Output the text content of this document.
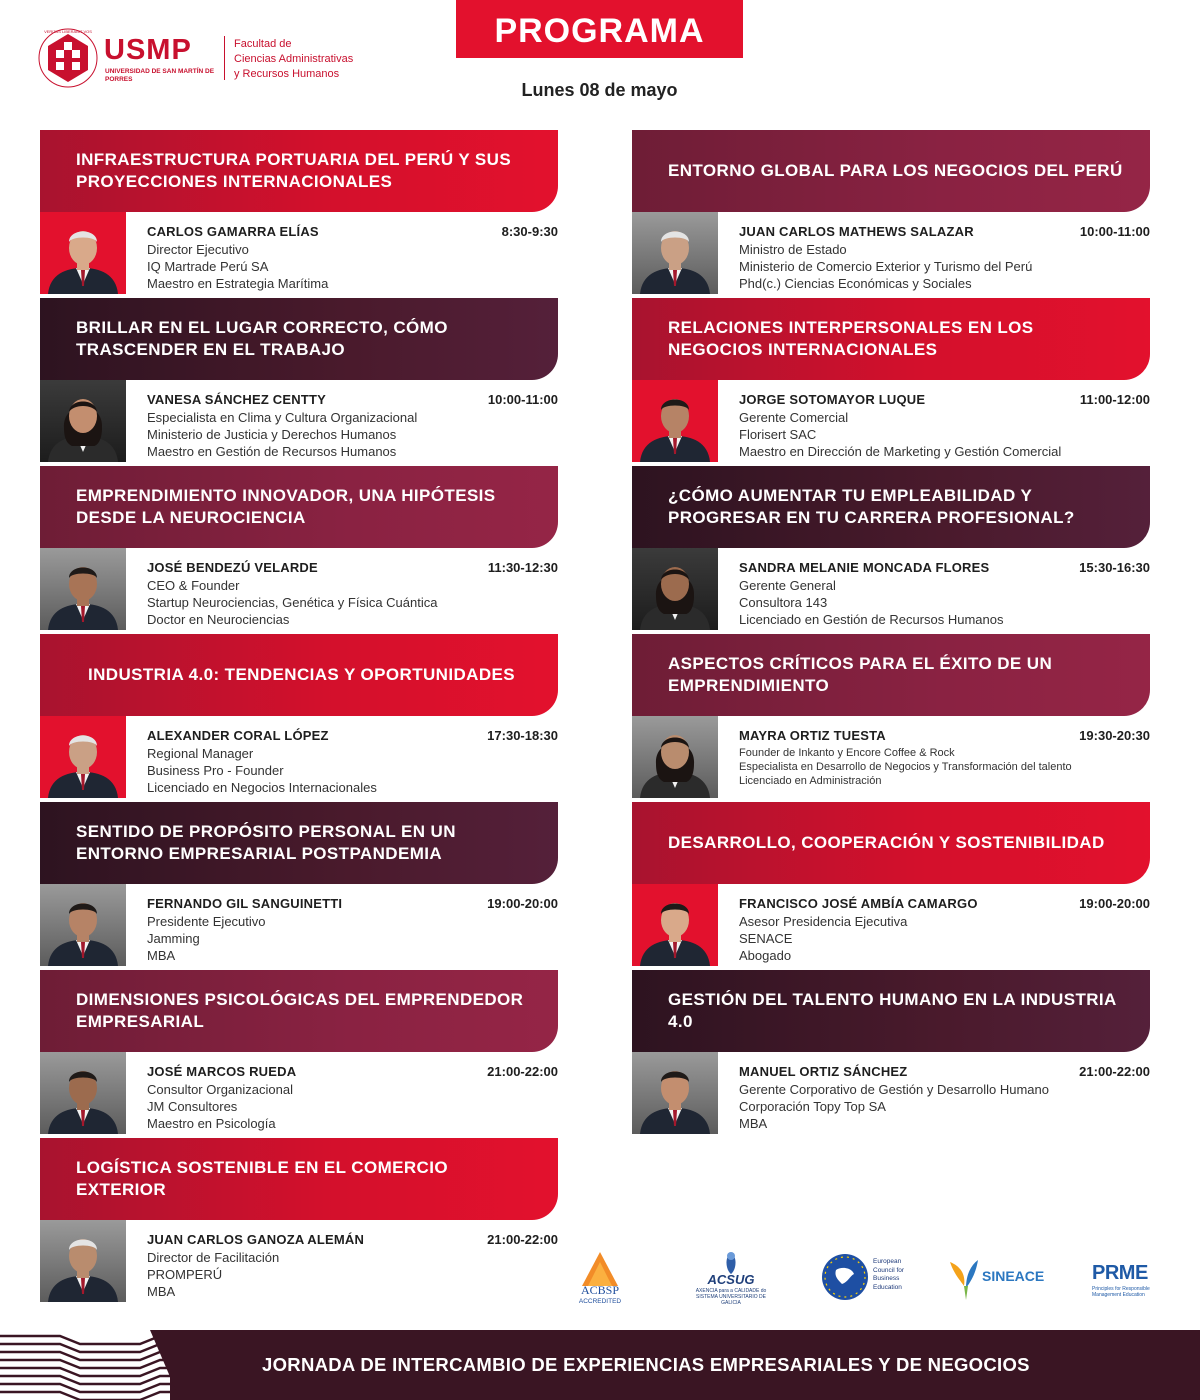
VERITAS LIBERABIT VOS
USMP
UNIVERSIDAD DE SAN MARTÍN DE PORRES
Facultad de
Ciencias Administrativas
y Recursos Humanos
PROGRAMA
Lunes 08 de mayo
INFRAESTRUCTURA PORTUARIA DEL PERÚ Y SUS PROYECCIONES INTERNACIONALES
CARLOS GAMARRA ELÍAS	8:30-9:30
Director Ejecutivo
IQ Martrade Perú SA
Maestro en Estrategia Marítima
BRILLAR EN EL LUGAR CORRECTO, CÓMO TRASCENDER EN EL TRABAJO
VANESA SÁNCHEZ CENTTY	10:00-11:00
Especialista en Clima y Cultura Organizacional
Ministerio de Justicia y Derechos Humanos
Maestro en Gestión de Recursos Humanos
EMPRENDIMIENTO INNOVADOR, UNA HIPÓTESIS DESDE LA NEUROCIENCIA
JOSÉ BENDEZÚ VELARDE	11:30-12:30
CEO & Founder
Startup Neurociencias, Genética y Física Cuántica
Doctor en Neurociencias
INDUSTRIA 4.0: TENDENCIAS Y OPORTUNIDADES
ALEXANDER CORAL LÓPEZ	17:30-18:30
Regional Manager
Business Pro - Founder
Licenciado en Negocios Internacionales
SENTIDO DE PROPÓSITO PERSONAL EN UN ENTORNO EMPRESARIAL POSTPANDEMIA
FERNANDO GIL SANGUINETTI	19:00-20:00
Presidente Ejecutivo
Jamming
MBA
DIMENSIONES PSICOLÓGICAS DEL EMPRENDEDOR EMPRESARIAL
JOSÉ MARCOS RUEDA	21:00-22:00
Consultor Organizacional
JM Consultores
Maestro en Psicología
LOGÍSTICA SOSTENIBLE EN EL COMERCIO EXTERIOR
JUAN CARLOS GANOZA ALEMÁN	21:00-22:00
Director de Facilitación
PROMPERÚ
MBA
ENTORNO GLOBAL PARA LOS NEGOCIOS DEL PERÚ
JUAN CARLOS MATHEWS SALAZAR	10:00-11:00
Ministro de Estado
Ministerio de Comercio Exterior y Turismo del Perú
Phd(c.) Ciencias Económicas y Sociales
RELACIONES INTERPERSONALES EN LOS NEGOCIOS INTERNACIONALES
JORGE SOTOMAYOR LUQUE	11:00-12:00
Gerente Comercial
Florisert SAC
Maestro en Dirección de Marketing y Gestión Comercial
¿CÓMO AUMENTAR TU EMPLEABILIDAD Y PROGRESAR EN TU CARRERA PROFESIONAL?
SANDRA MELANIE MONCADA FLORES	15:30-16:30
Gerente General
Consultora 143
Licenciado en Gestión de Recursos Humanos
ASPECTOS CRÍTICOS PARA EL ÉXITO DE UN EMPRENDIMIENTO
MAYRA ORTIZ TUESTA	19:30-20:30
Founder de Inkanto y Encore Coffee & Rock
Especialista en Desarrollo de Negocios y Transformación del talento
Licenciado en Administración
DESARROLLO, COOPERACIÓN Y SOSTENIBILIDAD
FRANCISCO JOSÉ AMBÍA CAMARGO	19:00-20:00
Asesor Presidencia Ejecutiva
SENACE
Abogado
GESTIÓN DEL TALENTO HUMANO EN LA INDUSTRIA 4.0
MANUEL ORTIZ SÁNCHEZ	21:00-22:00
Gerente Corporativo de Gestión y Desarrollo Humano
Corporación Topy Top SA
MBA
ACBSP
ACCREDITED
ACSUG
AXENCIA para a CALIDADE do SISTEMA UNIVERSITARIO DE GALICIA
European Council for Business Education
SINEACE PRME
Principles for Responsible Management Education
JORNADA DE INTERCAMBIO DE EXPERIENCIAS EMPRESARIALES Y DE NEGOCIOS
